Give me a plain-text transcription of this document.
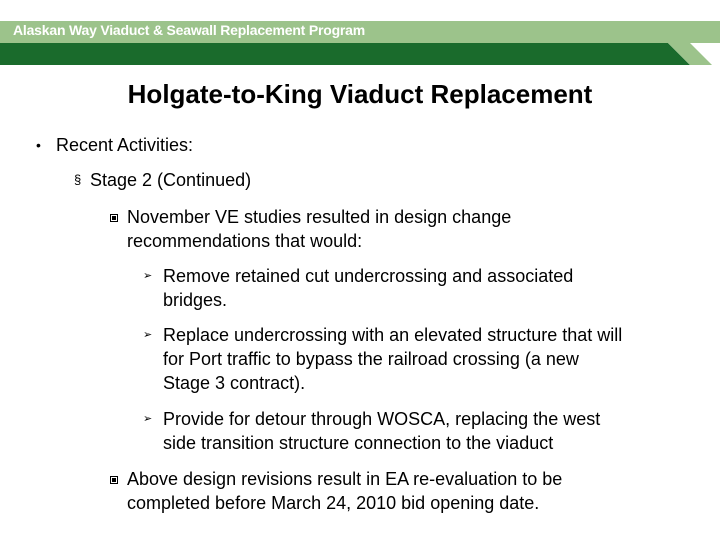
Alaskan Way Viaduct & Seawall Replacement Program
Holgate-to-King Viaduct Replacement
• Recent Activities:
§ Stage 2 (Continued)
November VE studies resulted in design change
recommendations that would:
➢ Remove retained cut undercrossing and associated
bridges.
➢ Replace undercrossing with an elevated structure that will
for Port traffic to bypass the railroad crossing (a new
Stage 3 contract).
➢ Provide for detour through WOSCA, replacing the west
side transition structure connection to the viaduct
Above design revisions result in EA re-evaluation to be
completed before March 24, 2010 bid opening date.
